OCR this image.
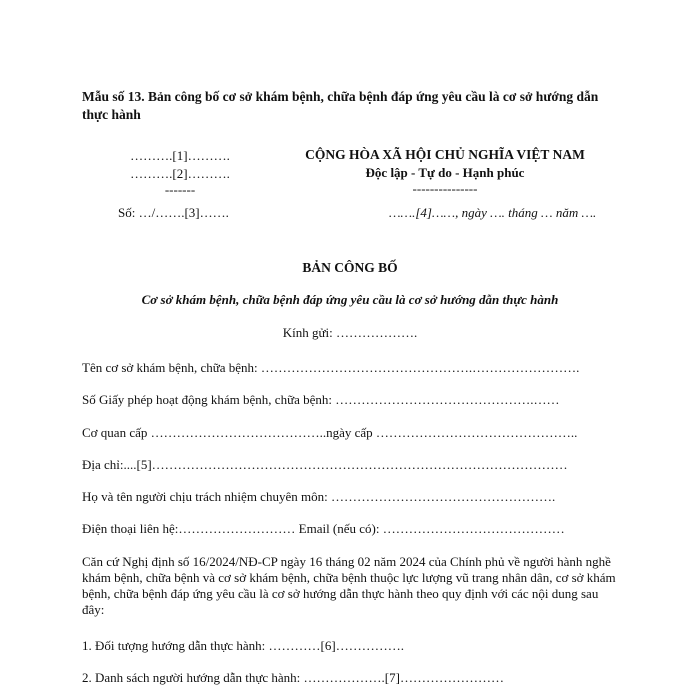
Mẫu số 13. Bản công bố cơ sở khám bệnh, chữa bệnh đáp ứng yêu cầu là cơ sở hướng dẫn thực hành
……….[1]……….
……….[2]……….
-------
Số: …/…….[3]…….
CỘNG HÒA XÃ HỘI CHỦ NGHĨA VIỆT NAM
Độc lập - Tự do - Hạnh phúc
---------------
…….[4]……, ngày …. tháng … năm ….
BẢN CÔNG BỐ
Cơ sở khám bệnh, chữa bệnh đáp ứng yêu cầu là cơ sở hướng dẫn thực hành
Kính gửi: ……………….
Tên cơ sở khám bệnh, chữa bệnh: ………………………………………….…………………….
Số Giấy phép hoạt động khám bệnh, chữa bệnh: ……………………………………….……
Cơ quan cấp …………………………………..ngày cấp ………………………………………..
Địa chỉ:....[5]……………………………………………………………………………………
Họ và tên người chịu trách nhiệm chuyên môn: …………………………………………….
Điện thoại liên hệ:……………………… Email (nếu có): ……………………………………
Căn cứ Nghị định số 16/2024/NĐ-CP ngày 16 tháng 02 năm 2024 của Chính phủ về người hành nghề khám bệnh, chữa bệnh và cơ sở khám bệnh, chữa bệnh thuộc lực lượng vũ trang nhân dân, cơ sở khám bệnh, chữa bệnh đáp ứng yêu cầu là cơ sở hướng dẫn thực hành theo quy định với các nội dung sau đây:
1. Đối tượng hướng dẫn thực hành: …………[6]…………….
2. Danh sách người hướng dẫn thực hành: ……………….[7]……………………
